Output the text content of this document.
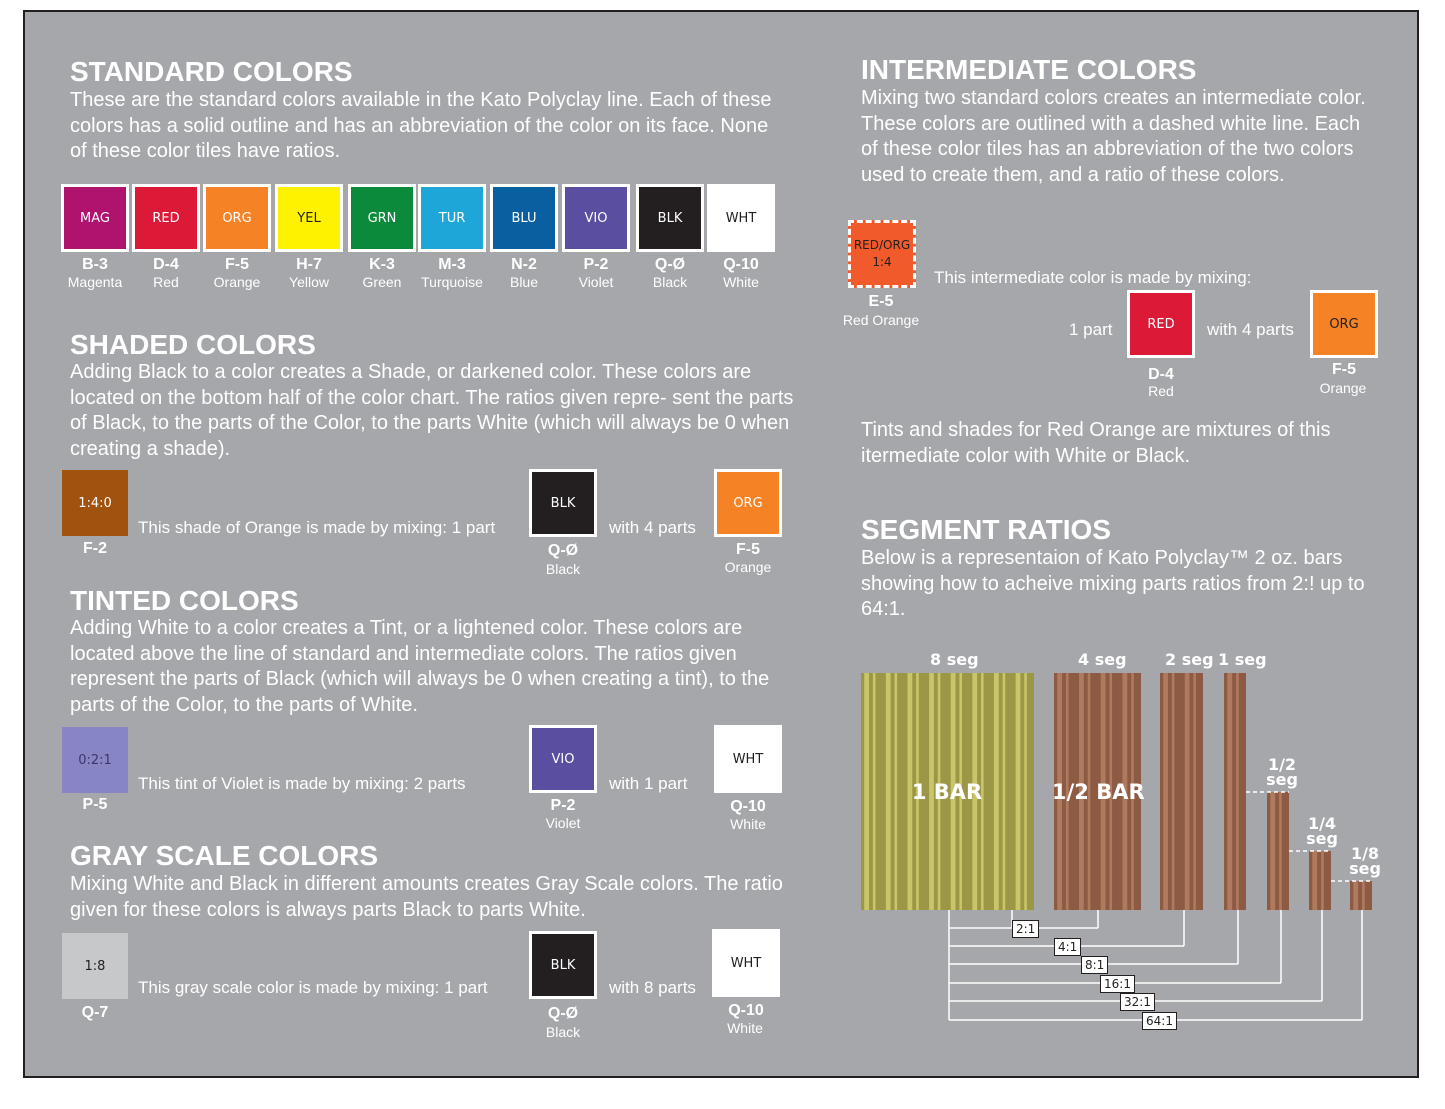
STANDARD COLORS
These are the standard colors available in the Kato Polyclay line. Each of these colors has a solid outline and has an abbreviation of the color on its face. None of these color tiles have ratios.
MAG
B-3
Magenta
RED
D-4
Red
ORG
F-5
Orange
YEL
H-7
Yellow
GRN
K-3
Green
TUR
M-3
Turquoise
BLU
N-2
Blue
VIO
P-2
Violet
BLK
Q-Ø
Black
WHT
Q-10
White
SHADED COLORS
Adding Black to a color creates a Shade, or darkened color. These colors are located on the bottom half of the color chart. The ratios given repre- sent the parts of Black, to the parts of the Color, to the parts White (which will always be 0 when creating a shade).
1:4:0
F-2
This shade of Orange is made by mixing: 1 part
BLK
Q-Ø
Black
with 4 parts
ORG
F-5
Orange
TINTED COLORS
Adding White to a color creates a Tint, or a lightened color. These colors are located above the line of standard and intermediate colors. The ratios given represent the parts of Black (which will always be 0 when creating a tint), to the parts of the Color, to the parts of White.
0:2:1
P-5
This tint of Violet is made by mixing: 2 parts
VIO
P-2
Violet
with 1 part
WHT
Q-10
White
GRAY SCALE COLORS
Mixing White and Black in different amounts creates Gray Scale colors. The ratio given for these colors is always parts Black to parts White.
1:8
Q-7
This gray scale color is made by mixing: 1 part
BLK
Q-Ø
Black
with 8 parts
WHT
Q-10
White
INTERMEDIATE COLORS
Mixing two standard colors creates an intermediate color. These colors are outlined with a dashed white line. Each of these color tiles has an abbreviation of the two colors used to create them, and a ratio of these colors.
RED/ORG
1:4
E-5
Red Orange
This intermediate color is made by mixing:
1 part	RED
D-4
Red
with 4 parts	ORG
F-5
Orange
Tints and shades for Red Orange are mixtures of this itermediate color with White or Black.
SEGMENT RATIOS
Below is a representaion of Kato Polyclay™ 2 oz. bars showing how to acheive mixing parts ratios from 2:! up to 64:1.
8 seg	4 seg 2 seg 1 seg
1/2 seg
1/4 seg
1/8 seg
1 BAR	1/2 BAR
2:1
4:1
8:1
16:1
32:1
64:1
